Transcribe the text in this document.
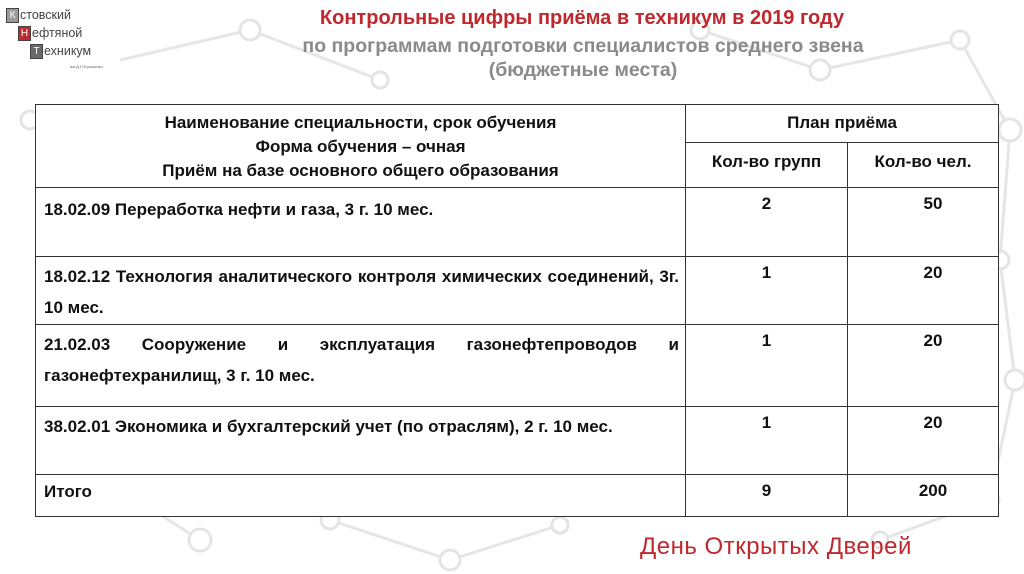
К стовский
Н ефтяной
Т ехникум
им.Д.Н.Ерошенко
Контрольные цифры приёма в техникум в 2019 году
по программам подготовки специалистов среднего звена
(бюджетные места)
Наименование специальности, срок обучения
Форма обучения – очная
Приём на базе основного общего образования	План приёма	
	Кол-во групп	Кол-во чел.
18.02.09 Переработка нефти и газа, 3 г. 10 мес.	2	50
18.02.12 Технология аналитического контроля химических соединений, 3г. 10 мес.	1	20
21.02.03 Сооружение и эксплуатация газонефтепроводов и газонефтехранилищ, 3 г. 10 мес.	1	20
38.02.01 Экономика и бухгалтерский учет (по отраслям), 2 г. 10 мес.	1	20
Итого	9	200
День Открытых Дверей
